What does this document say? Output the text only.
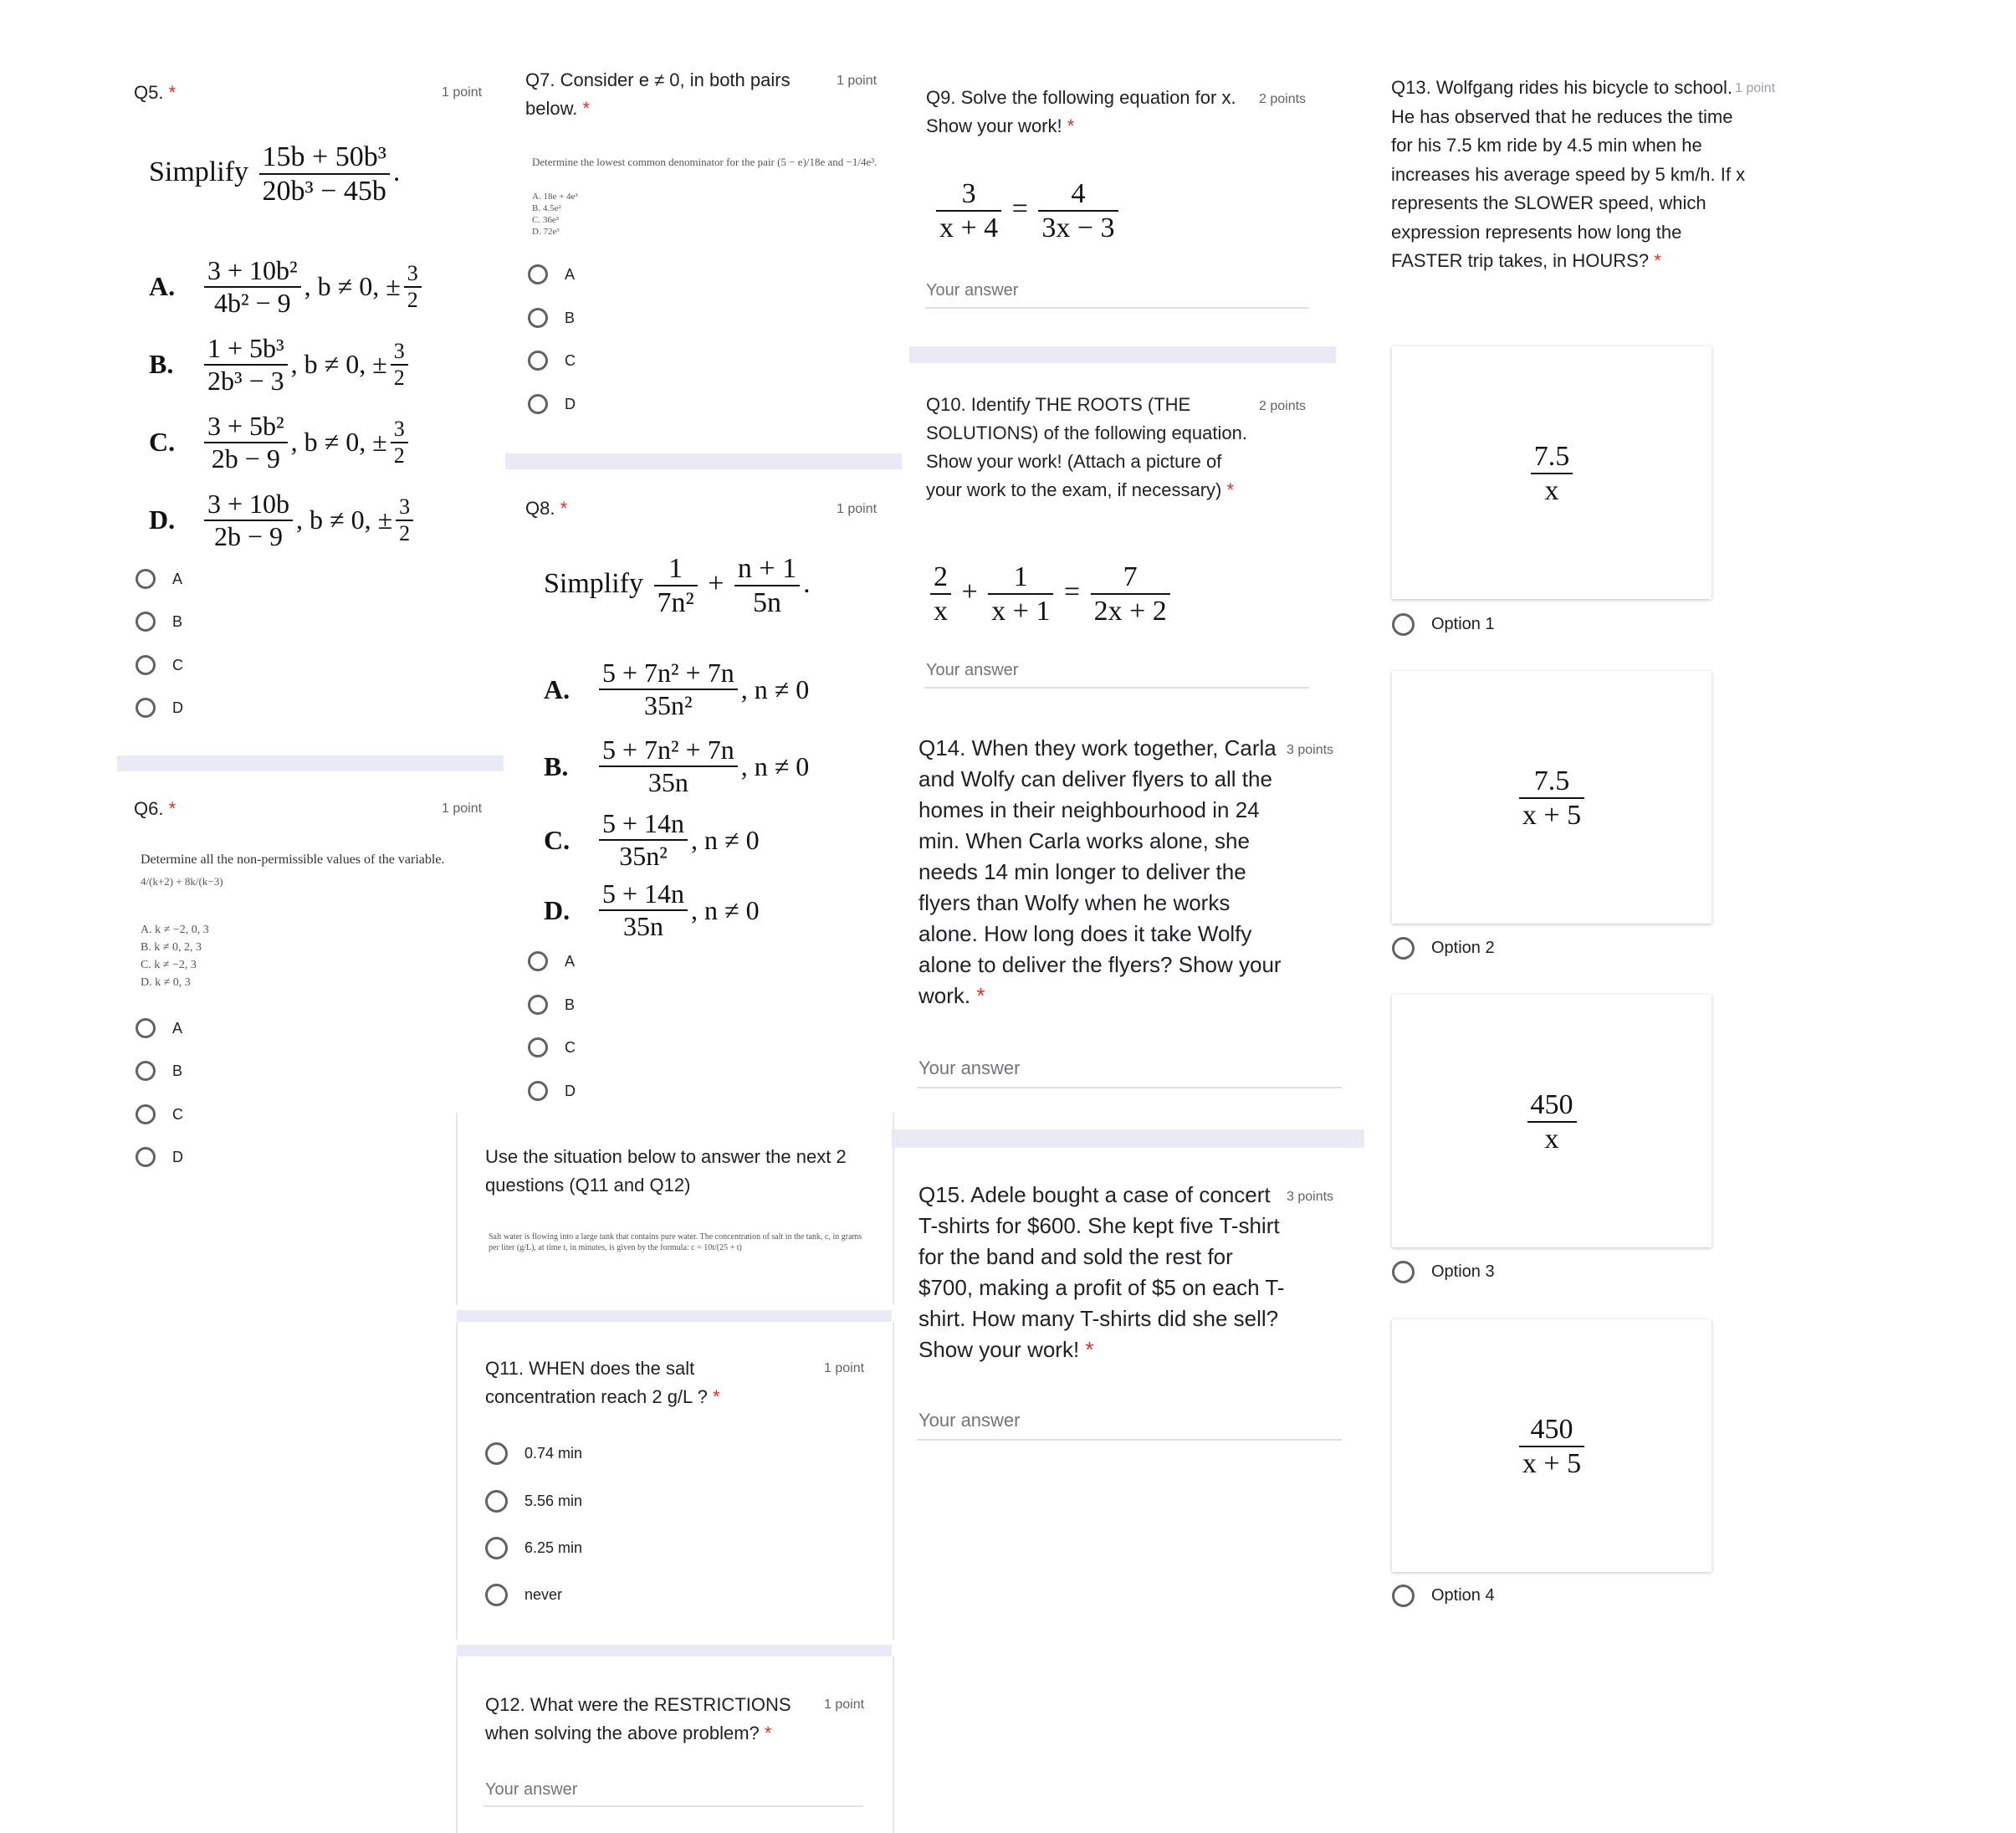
Q5. *	1 point
Simplify $\frac{\text{15b + 50b³}}{\text{20b³ − 45b}}$ .
A.	$\frac{\text{3 + 10b²}}{\text{4b² − 9}}$ , b ≠ 0, ± $\frac{3}{2}$
B.	$\frac{\text{1 + 5b³}}{\text{2b³ − 3}}$ , b ≠ 0, ± $\frac{3}{2}$
C.	$\frac{\text{3 + 5b²}}{2b - 9}$ , b ≠ 0, ± $\frac{3}{2}$
D.	$\frac{3 + 10b}{2b - 9}$ , b ≠ 0, ± $\frac{3}{2}$
A
B
C
D
Q6. *	1 point
Determine all the non-permissible values of the variable.
4/(k+2) + 8k/(k−3)
A. k ≠ −2, 0, 3
B. k ≠ 0, 2, 3
C. k ≠ −2, 3
D. k ≠ 0, 3
A
B
C
D
Q7. Consider e ≠ 0, in both pairs below. *
1 point
Determine the lowest common denominator for the pair (5 − e)/18e and −1/4e³.
A. 18e + 4e³
B. 4.5e²
C. 36e³
D. 72e³
A
B
C
D
Q8. *	1 point
Simplify $\frac{1}{\text{7n²}} + \frac{n + 1}{5n}$ .
A.	$\frac{\text{5 + 7n² + 7n}}{\text{35n²}}$ , n ≠ 0
B.	$\frac{\text{5 + 7n² + 7n}}{35n}$ , n ≠ 0
C.	$\frac{5 + 14n}{\text{35n²}}$ , n ≠ 0
D.	$\frac{5 + 14n}{35n}$ , n ≠ 0
A
B
C
D
Use the situation below to answer the next 2 questions (Q11 and Q12)
Salt water is flowing into a large tank that contains pure water. The concentration of salt in the tank, c, in grams per liter (g/L), at time t, in minutes, is given by the formula: c = 10t/(25 + t)
Q11. WHEN does the salt concentration reach 2 g/L ? *
1 point
0.74 min
5.56 min
6.25 min
never
Q12. What were the RESTRICTIONS when solving the above problem? *
1 point
Your answer
Q9. Solve the following equation for x. Show your work! *
2 points
$\frac{3}{x + 4} = \frac{4}{3x - 3}$
Your answer
Q10. Identify THE ROOTS (THE SOLUTIONS) of the following equation. Show your work! (Attach a picture of your work to the exam, if necessary) *
2 points
$\frac{2}{x} + \frac{1}{x + 1} = \frac{7}{2x + 2}$
Your answer
Q14. When they work together, Carla and Wolfy can deliver flyers to all the homes in their neighbourhood in 24 min. When Carla works alone, she needs 14 min longer to deliver the flyers than Wolfy when he works alone. How long does it take Wolfy alone to deliver the flyers? Show your work. *
3 points
Your answer
Q15. Adele bought a case of concert T-shirts for $600. She kept five T-shirt for the band and sold the rest for $700, making a profit of $5 on each T-shirt. How many T-shirts did she sell? Show your work! *
3 points
Your answer
Q13. Wolfgang rides his bicycle to school. He has observed that he reduces the time for his 7.5 km ride by 4.5 min when he increases his average speed by 5 km/h. If x represents the SLOWER speed, which expression represents how long the FASTER trip takes, in HOURS? *
1 point
$\frac{7.5}{x}$
Option 1
$\frac{7.5}{x + 5}$
Option 2
$\frac{450}{x}$
Option 3
$\frac{450}{x + 5}$
Option 4
